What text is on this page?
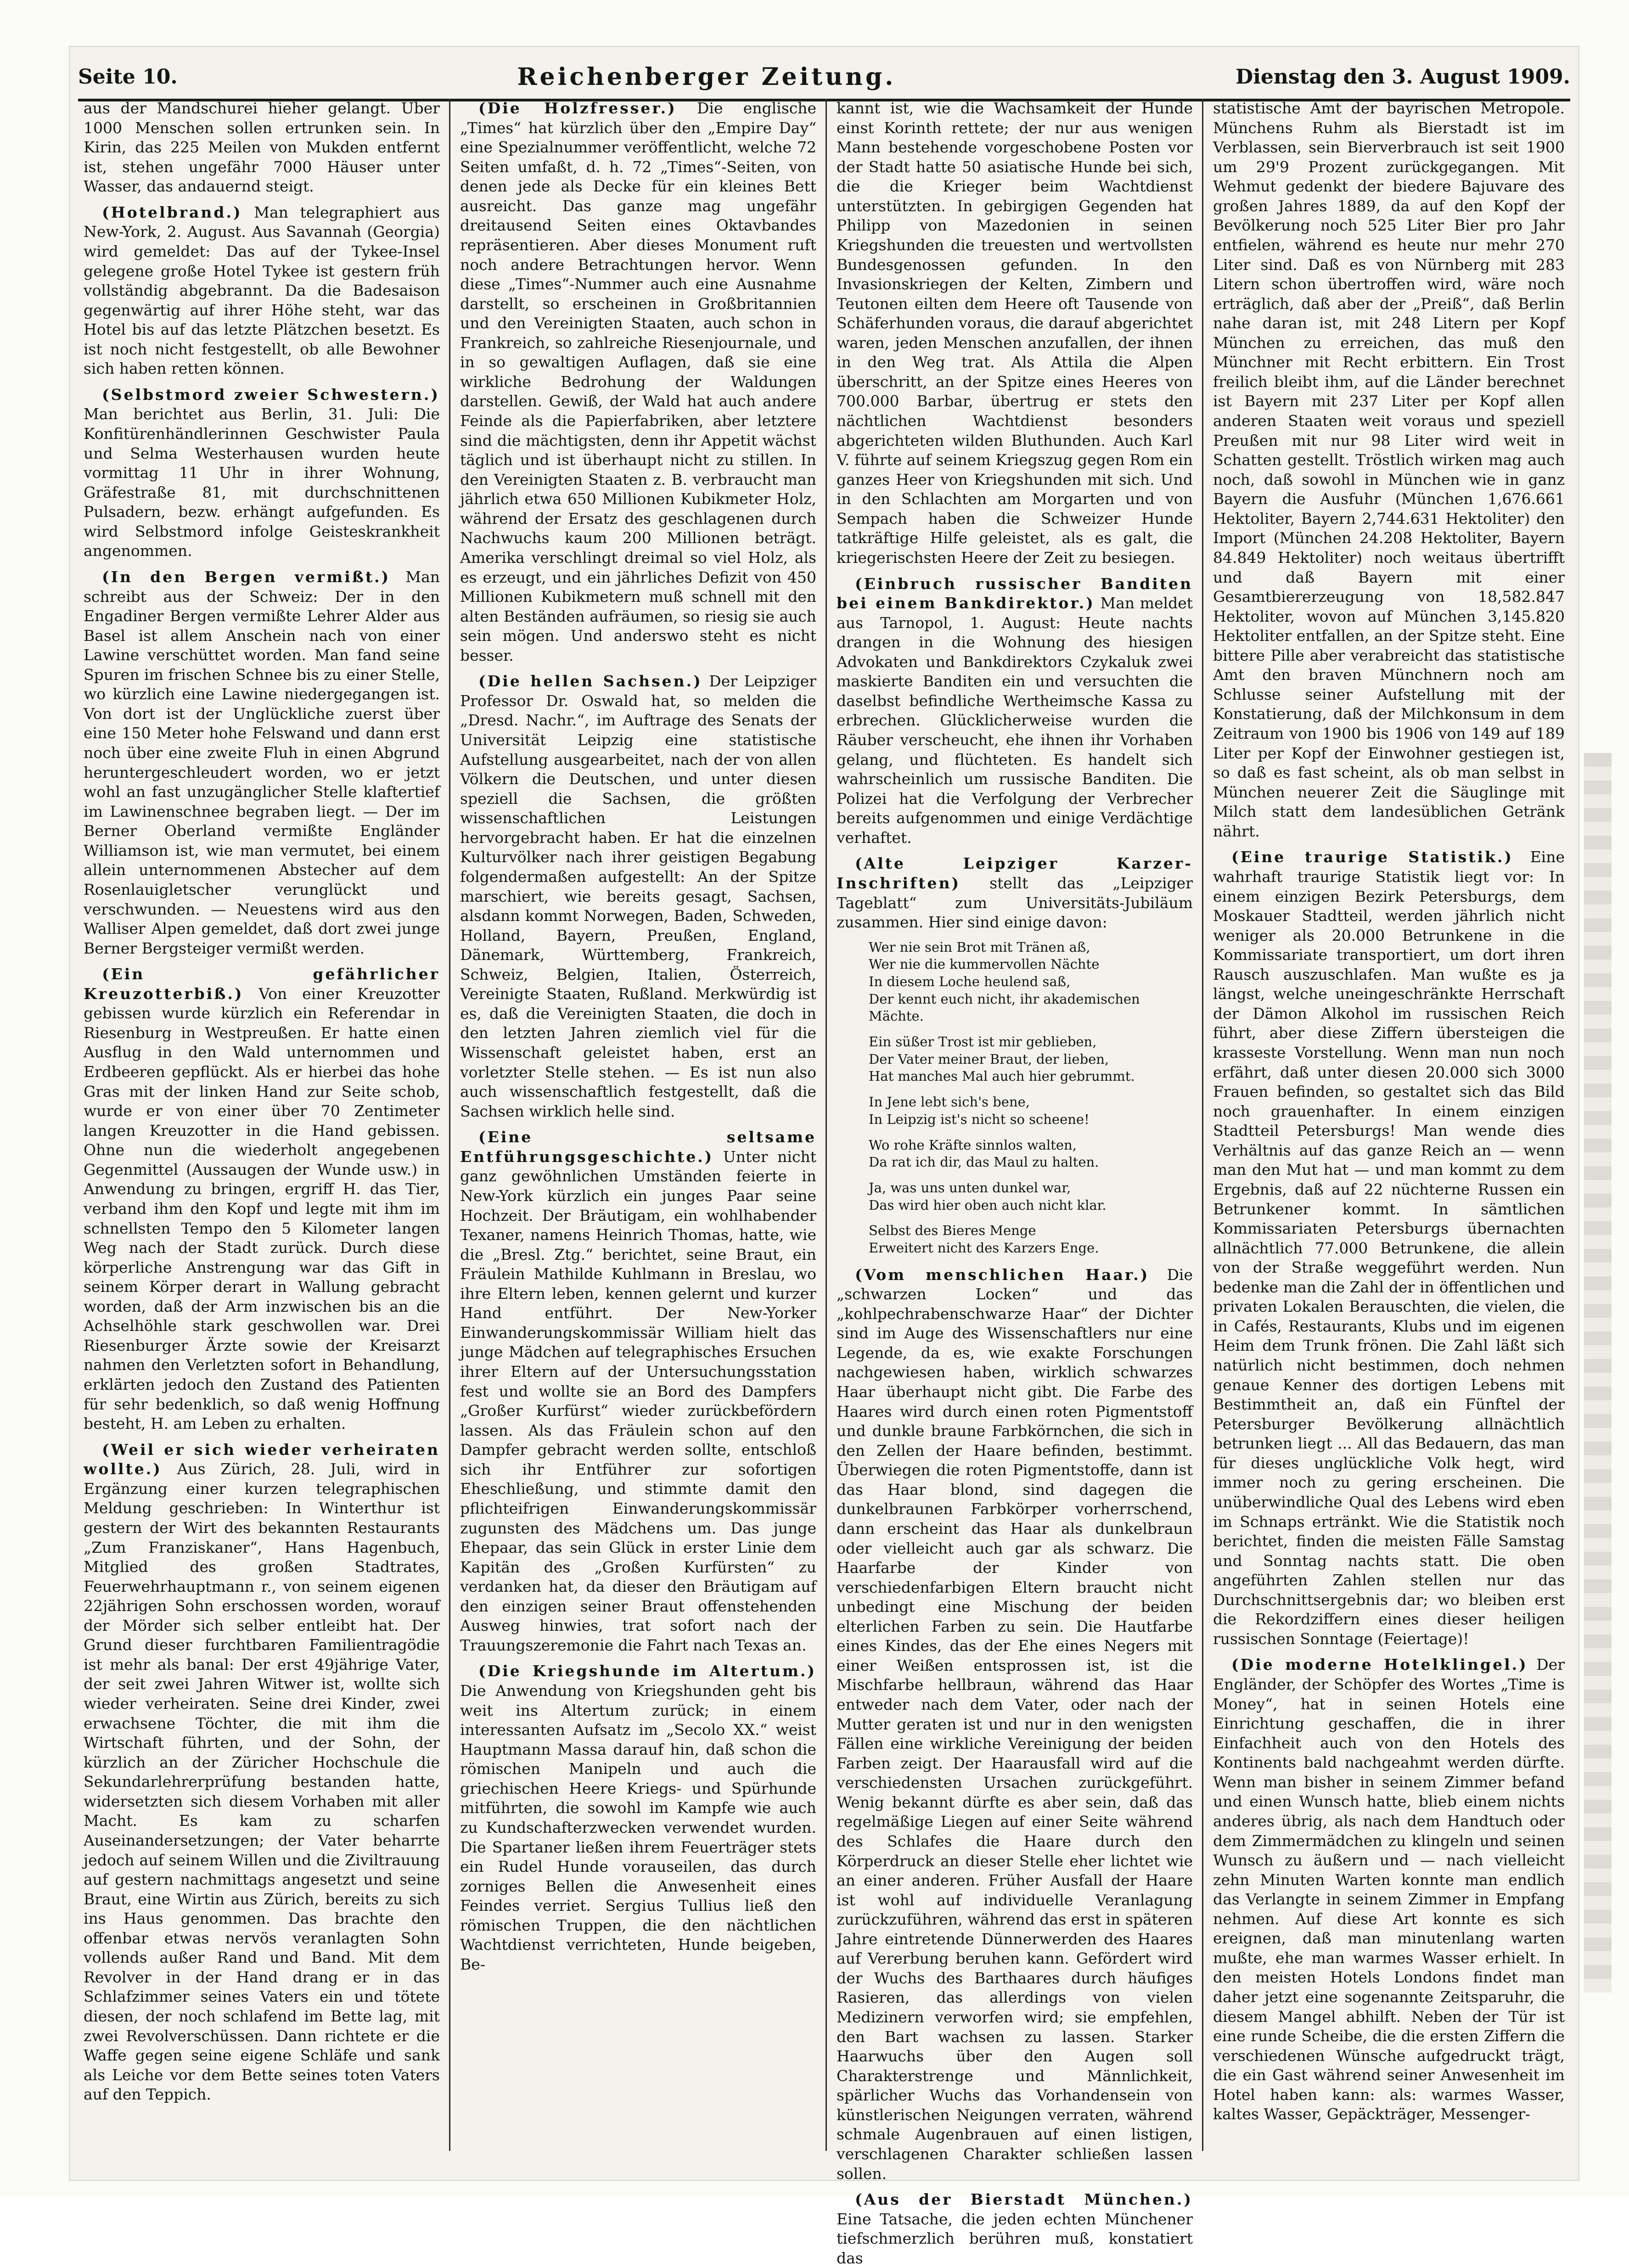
Seite 10.	Reichenberger Zeitung.	Dienstag den 3. August 1909.

aus der Mandschurei hieher gelangt. Über 1000 Menschen sollen ertrunken sein. In Kirin, das 225 Meilen von Mukden entfernt ist, stehen ungefähr 7000 Häuser unter Wasser, das andauernd steigt.

(Hotelbrand.) Man telegraphiert aus New-York, 2. August. Aus Savannah (Georgia) wird gemeldet: Das auf der Tykee-Insel gelegene große Hotel Tykee ist gestern früh vollständig abgebrannt. Da die Badesaison gegenwärtig auf ihrer Höhe steht, war das Hotel bis auf das letzte Plätzchen besetzt. Es ist noch nicht festgestellt, ob alle Bewohner sich haben retten können.

(Selbstmord zweier Schwestern.) Man berichtet aus Berlin, 31. Juli: Die Konfitürenhändlerinnen Geschwister Paula und Selma Westerhausen wurden heute vormittag 11 Uhr in ihrer Wohnung, Gräfestraße 81, mit durchschnittenen Pulsadern, bezw. erhängt aufgefunden. Es wird Selbstmord infolge Geisteskrankheit angenommen.

(In den Bergen vermißt.) Man schreibt aus der Schweiz: Der in den Engadiner Bergen vermißte Lehrer Alder aus Basel ist allem Anschein nach von einer Lawine verschüttet worden. Man fand seine Spuren im frischen Schnee bis zu einer Stelle, wo kürzlich eine Lawine niedergegangen ist. Von dort ist der Unglückliche zuerst über eine 150 Meter hohe Felswand und dann erst noch über eine zweite Fluh in einen Abgrund heruntergeschleudert worden, wo er jetzt wohl an fast unzugänglicher Stelle klaftertief im Lawinenschnee begraben liegt. — Der im Berner Oberland vermißte Engländer Williamson ist, wie man vermutet, bei einem allein unternommenen Abstecher auf dem Rosenlauigletscher verunglückt und verschwunden. — Neuestens wird aus den Walliser Alpen gemeldet, daß dort zwei junge Berner Bergsteiger vermißt werden.

(Ein gefährlicher Kreuzotterbiß.) Von einer Kreuzotter gebissen wurde kürzlich ein Referendar in Riesenburg in Westpreußen. Er hatte einen Ausflug in den Wald unternommen und Erdbeeren gepflückt. Als er hierbei das hohe Gras mit der linken Hand zur Seite schob, wurde er von einer über 70 Zentimeter langen Kreuzotter in die Hand gebissen. Ohne nun die wiederholt angegebenen Gegenmittel (Aussaugen der Wunde usw.) in Anwendung zu bringen, ergriff H. das Tier, verband ihm den Kopf und legte mit ihm im schnellsten Tempo den 5 Kilometer langen Weg nach der Stadt zurück. Durch diese körperliche Anstrengung war das Gift in seinem Körper derart in Wallung gebracht worden, daß der Arm inzwischen bis an die Achselhöhle stark geschwollen war. Drei Riesenburger Ärzte sowie der Kreisarzt nahmen den Verletzten sofort in Behandlung, erklärten jedoch den Zustand des Patienten für sehr bedenklich, so daß wenig Hoffnung besteht, H. am Leben zu erhalten.

(Weil er sich wieder verheiraten wollte.) Aus Zürich, 28. Juli, wird in Ergänzung einer kurzen telegraphischen Meldung geschrieben: In Winterthur ist gestern der Wirt des bekannten Restaurants „Zum Franziskaner“, Hans Hagenbuch, Mitglied des großen Stadtrates, Feuerwehrhauptmann r., von seinem eigenen 22jährigen Sohn erschossen worden, worauf der Mörder sich selber entleibt hat. Der Grund dieser furchtbaren Familientragödie ist mehr als banal: Der erst 49jährige Vater, der seit zwei Jahren Witwer ist, wollte sich wieder verheiraten. Seine drei Kinder, zwei erwachsene Töchter, die mit ihm die Wirtschaft führten, und der Sohn, der kürzlich an der Züricher Hochschule die Sekundarlehrerprüfung bestanden hatte, widersetzten sich diesem Vorhaben mit aller Macht. Es kam zu scharfen Auseinandersetzungen; der Vater beharrte jedoch auf seinem Willen und die Ziviltrauung auf gestern nachmittags angesetzt und seine Braut, eine Wirtin aus Zürich, bereits zu sich ins Haus genommen. Das brachte den offenbar etwas nervös veranlagten Sohn vollends außer Rand und Band. Mit dem Revolver in der Hand drang er in das Schlafzimmer seines Vaters ein und tötete diesen, der noch schlafend im Bette lag, mit zwei Revolverschüssen. Dann richtete er die Waffe gegen seine eigene Schläfe und sank als Leiche vor dem Bette seines toten Vaters auf den Teppich.

(Die Holzfresser.) Die englische „Times“ hat kürzlich über den „Empire Day“ eine Spezialnummer veröffentlicht, welche 72 Seiten umfaßt, d. h. 72 „Times“-Seiten, von denen jede als Decke für ein kleines Bett ausreicht. Das ganze mag ungefähr dreitausend Seiten eines Oktavbandes repräsentieren. Aber dieses Monument ruft noch andere Betrachtungen hervor. Wenn diese „Times“-Nummer auch eine Ausnahme darstellt, so erscheinen in Großbritannien und den Vereinigten Staaten, auch schon in Frankreich, so zahlreiche Riesenjournale, und in so gewaltigen Auflagen, daß sie eine wirkliche Bedrohung der Waldungen darstellen. Gewiß, der Wald hat auch andere Feinde als die Papierfabriken, aber letztere sind die mächtigsten, denn ihr Appetit wächst täglich und ist überhaupt nicht zu stillen. In den Vereinigten Staaten z. B. verbraucht man jährlich etwa 650 Millionen Kubikmeter Holz, während der Ersatz des geschlagenen durch Nachwuchs kaum 200 Millionen beträgt. Amerika verschlingt dreimal so viel Holz, als es erzeugt, und ein jährliches Defizit von 450 Millionen Kubikmetern muß schnell mit den alten Beständen aufräumen, so riesig sie auch sein mögen. Und anderswo steht es nicht besser.

(Die hellen Sachsen.) Der Leipziger Professor Dr. Oswald hat, so melden die „Dresd. Nachr.“, im Auftrage des Senats der Universität Leipzig eine statistische Aufstellung ausgearbeitet, nach der von allen Völkern die Deutschen, und unter diesen speziell die Sachsen, die größten wissenschaftlichen Leistungen hervorgebracht haben. Er hat die einzelnen Kulturvölker nach ihrer geistigen Begabung folgendermaßen aufgestellt: An der Spitze marschiert, wie bereits gesagt, Sachsen, alsdann kommt Norwegen, Baden, Schweden, Holland, Bayern, Preußen, England, Dänemark, Württemberg, Frankreich, Schweiz, Belgien, Italien, Österreich, Vereinigte Staaten, Rußland. Merkwürdig ist es, daß die Vereinigten Staaten, die doch in den letzten Jahren ziemlich viel für die Wissenschaft geleistet haben, erst an vorletzter Stelle stehen. — Es ist nun also auch wissenschaftlich festgestellt, daß die Sachsen wirklich helle sind.

(Eine seltsame Entführungsgeschichte.) Unter nicht ganz gewöhnlichen Umständen feierte in New-York kürzlich ein junges Paar seine Hochzeit. Der Bräutigam, ein wohlhabender Texaner, namens Heinrich Thomas, hatte, wie die „Bresl. Ztg.“ berichtet, seine Braut, ein Fräulein Mathilde Kuhlmann in Breslau, wo ihre Eltern leben, kennen gelernt und kurzer Hand entführt. Der New-Yorker Einwanderungskommissär William hielt das junge Mädchen auf telegraphisches Ersuchen ihrer Eltern auf der Untersuchungsstation fest und wollte sie an Bord des Dampfers „Großer Kurfürst“ wieder zurückbefördern lassen. Als das Fräulein schon auf den Dampfer gebracht werden sollte, entschloß sich ihr Entführer zur sofortigen Eheschließung, und stimmte damit den pflichteifrigen Einwanderungskommissär zugunsten des Mädchens um. Das junge Ehepaar, das sein Glück in erster Linie dem Kapitän des „Großen Kurfürsten“ zu verdanken hat, da dieser den Bräutigam auf den einzigen seiner Braut offenstehenden Ausweg hinwies, trat sofort nach der Trauungszeremonie die Fahrt nach Texas an.

(Die Kriegshunde im Altertum.) Die Anwendung von Kriegshunden geht bis weit ins Altertum zurück; in einem interessanten Aufsatz im „Secolo XX.“ weist Hauptmann Massa darauf hin, daß schon die römischen Manipeln und auch die griechischen Heere Kriegs- und Spürhunde mitführten, die sowohl im Kampfe wie auch zu Kundschafterzwecken verwendet wurden. Die Spartaner ließen ihrem Feuerträger stets ein Rudel Hunde vorauseilen, das durch zorniges Bellen die Anwesenheit eines Feindes verriet. Sergius Tullius ließ den römischen Truppen, die den nächtlichen Wachtdienst verrichteten, Hunde beigeben, Be-

kannt ist, wie die Wachsamkeit der Hunde einst Korinth rettete; der nur aus wenigen Mann bestehende vorgeschobene Posten vor der Stadt hatte 50 asiatische Hunde bei sich, die die Krieger beim Wachtdienst unterstützten. In gebirgigen Gegenden hat Philipp von Mazedonien in seinen Kriegshunden die treuesten und wertvollsten Bundesgenossen gefunden. In den Invasionskriegen der Kelten, Zimbern und Teutonen eilten dem Heere oft Tausende von Schäferhunden voraus, die darauf abgerichtet waren, jeden Menschen anzufallen, der ihnen in den Weg trat. Als Attila die Alpen überschritt, an der Spitze eines Heeres von 700.000 Barbar, übertrug er stets den nächtlichen Wachtdienst besonders abgerichteten wilden Bluthunden. Auch Karl V. führte auf seinem Kriegszug gegen Rom ein ganzes Heer von Kriegshunden mit sich. Und in den Schlachten am Morgarten und von Sempach haben die Schweizer Hunde tatkräftige Hilfe geleistet, als es galt, die kriegerischsten Heere der Zeit zu besiegen.

(Einbruch russischer Banditen bei einem Bankdirektor.) Man meldet aus Tarnopol, 1. August: Heute nachts drangen in die Wohnung des hiesigen Advokaten und Bankdirektors Czykaluk zwei maskierte Banditen ein und versuchten die daselbst befindliche Wertheimsche Kassa zu erbrechen. Glücklicherweise wurden die Räuber verscheucht, ehe ihnen ihr Vorhaben gelang, und flüchteten. Es handelt sich wahrscheinlich um russische Banditen. Die Polizei hat die Verfolgung der Verbrecher bereits aufgenommen und einige Verdächtige verhaftet.

(Alte Leipziger Karzer-Inschriften) stellt das „Leipziger Tageblatt“ zum Universitäts-Jubiläum zusammen. Hier sind einige davon:

Wer nie sein Brot mit Tränen aß,
Wer nie die kummervollen Nächte
In diesem Loche heulend saß,
Der kennt euch nicht, ihr akademischen Mächte.
Ein süßer Trost ist mir geblieben,
Der Vater meiner Braut, der lieben,
Hat manches Mal auch hier gebrummt.
In Jene lebt sich's bene,
In Leipzig ist's nicht so scheene!
Wo rohe Kräfte sinnlos walten,
Da rat ich dir, das Maul zu halten.
Ja, was uns unten dunkel war,
Das wird hier oben auch nicht klar.
Selbst des Bieres Menge
Erweitert nicht des Karzers Enge.

(Vom menschlichen Haar.) Die „schwarzen Locken“ und das „kohlpechrabenschwarze Haar“ der Dichter sind im Auge des Wissenschaftlers nur eine Legende, da es, wie exakte Forschungen nachgewiesen haben, wirklich schwarzes Haar überhaupt nicht gibt. Die Farbe des Haares wird durch einen roten Pigmentstoff und dunkle braune Farbkörnchen, die sich in den Zellen der Haare befinden, bestimmt. Überwiegen die roten Pigmentstoffe, dann ist das Haar blond, sind dagegen die dunkelbraunen Farbkörper vorherrschend, dann erscheint das Haar als dunkelbraun oder vielleicht auch gar als schwarz. Die Haarfarbe der Kinder von verschiedenfarbigen Eltern braucht nicht unbedingt eine Mischung der beiden elterlichen Farben zu sein. Die Hautfarbe eines Kindes, das der Ehe eines Negers mit einer Weißen entsprossen ist, ist die Mischfarbe hellbraun, während das Haar entweder nach dem Vater, oder nach der Mutter geraten ist und nur in den wenigsten Fällen eine wirkliche Vereinigung der beiden Farben zeigt. Der Haarausfall wird auf die verschiedensten Ursachen zurückgeführt. Wenig bekannt dürfte es aber sein, daß das regelmäßige Liegen auf einer Seite während des Schlafes die Haare durch den Körperdruck an dieser Stelle eher lichtet wie an einer anderen. Früher Ausfall der Haare ist wohl auf individuelle Veranlagung zurückzuführen, während das erst in späteren Jahre eintretende Dünnerwerden des Haares auf Vererbung beruhen kann. Gefördert wird der Wuchs des Barthaares durch häufiges Rasieren, das allerdings von vielen Medizinern verworfen wird; sie empfehlen, den Bart wachsen zu lassen. Starker Haarwuchs über den Augen soll Charakterstrenge und Männlichkeit, spärlicher Wuchs das Vorhandensein von künstlerischen Neigungen verraten, während schmale Augenbrauen auf einen listigen, verschlagenen Charakter schließen lassen sollen.

(Aus der Bierstadt München.) Eine Tatsache, die jeden echten Münchener tiefschmerzlich berühren muß, konstatiert das

statistische Amt der bayrischen Metropole. Münchens Ruhm als Bierstadt ist im Verblassen, sein Bierverbrauch ist seit 1900 um 29'9 Prozent zurückgegangen. Mit Wehmut gedenkt der biedere Bajuvare des großen Jahres 1889, da auf den Kopf der Bevölkerung noch 525 Liter Bier pro Jahr entfielen, während es heute nur mehr 270 Liter sind. Daß es von Nürnberg mit 283 Litern schon übertroffen wird, wäre noch erträglich, daß aber der „Preiß“, daß Berlin nahe daran ist, mit 248 Litern per Kopf München zu erreichen, das muß den Münchner mit Recht erbittern. Ein Trost freilich bleibt ihm, auf die Länder berechnet ist Bayern mit 237 Liter per Kopf allen anderen Staaten weit voraus und speziell Preußen mit nur 98 Liter wird weit in Schatten gestellt. Tröstlich wirken mag auch noch, daß sowohl in München wie in ganz Bayern die Ausfuhr (München 1,676.661 Hektoliter, Bayern 2,744.631 Hektoliter) den Import (München 24.208 Hektoliter, Bayern 84.849 Hektoliter) noch weitaus übertrifft und daß Bayern mit einer Gesamtbiererzeugung von 18,582.847 Hektoliter, wovon auf München 3,145.820 Hektoliter entfallen, an der Spitze steht. Eine bittere Pille aber verabreicht das statistische Amt den braven Münchnern noch am Schlusse seiner Aufstellung mit der Konstatierung, daß der Milchkonsum in dem Zeitraum von 1900 bis 1906 von 149 auf 189 Liter per Kopf der Einwohner gestiegen ist, so daß es fast scheint, als ob man selbst in München neuerer Zeit die Säuglinge mit Milch statt dem landesüblichen Getränk nährt.

(Eine traurige Statistik.) Eine wahrhaft traurige Statistik liegt vor: In einem einzigen Bezirk Petersburgs, dem Moskauer Stadtteil, werden jährlich nicht weniger als 20.000 Betrunkene in die Kommissariate transportiert, um dort ihren Rausch auszuschlafen. Man wußte es ja längst, welche uneingeschränkte Herrschaft der Dämon Alkohol im russischen Reich führt, aber diese Ziffern übersteigen die krasseste Vorstellung. Wenn man nun noch erfährt, daß unter diesen 20.000 sich 3000 Frauen befinden, so gestaltet sich das Bild noch grauenhafter. In einem einzigen Stadtteil Petersburgs! Man wende dies Verhältnis auf das ganze Reich an — wenn man den Mut hat — und man kommt zu dem Ergebnis, daß auf 22 nüchterne Russen ein Betrunkener kommt. In sämtlichen Kommissariaten Petersburgs übernachten allnächtlich 77.000 Betrunkene, die allein von der Straße weggeführt werden. Nun bedenke man die Zahl der in öffentlichen und privaten Lokalen Berauschten, die vielen, die in Cafés, Restaurants, Klubs und im eigenen Heim dem Trunk frönen. Die Zahl läßt sich natürlich nicht bestimmen, doch nehmen genaue Kenner des dortigen Lebens mit Bestimmtheit an, daß ein Fünftel der Petersburger Bevölkerung allnächtlich betrunken liegt ... All das Bedauern, das man für dieses unglückliche Volk hegt, wird immer noch zu gering erscheinen. Die unüberwindliche Qual des Lebens wird eben im Schnaps ertränkt. Wie die Statistik noch berichtet, finden die meisten Fälle Samstag und Sonntag nachts statt. Die oben angeführten Zahlen stellen nur das Durchschnittsergebnis dar; wo bleiben erst die Rekordziffern eines dieser heiligen russischen Sonntage (Feiertage)!

(Die moderne Hotelklingel.) Der Engländer, der Schöpfer des Wortes „Time is Money“, hat in seinen Hotels eine Einrichtung geschaffen, die in ihrer Einfachheit auch von den Hotels des Kontinents bald nachgeahmt werden dürfte. Wenn man bisher in seinem Zimmer befand und einen Wunsch hatte, blieb einem nichts anderes übrig, als nach dem Handtuch oder dem Zimmermädchen zu klingeln und seinen Wunsch zu äußern und — nach vielleicht zehn Minuten Warten konnte man endlich das Verlangte in seinem Zimmer in Empfang nehmen. Auf diese Art konnte es sich ereignen, daß man minutenlang warten mußte, ehe man warmes Wasser erhielt. In den meisten Hotels Londons findet man daher jetzt eine sogenannte Zeitsparuhr, die diesem Mangel abhilft. Neben der Tür ist eine runde Scheibe, die die ersten Ziffern die verschiedenen Wünsche aufgedruckt trägt, die ein Gast während seiner Anwesenheit im Hotel haben kann: als: warmes Wasser, kaltes Wasser, Gepäckträger, Messenger-
